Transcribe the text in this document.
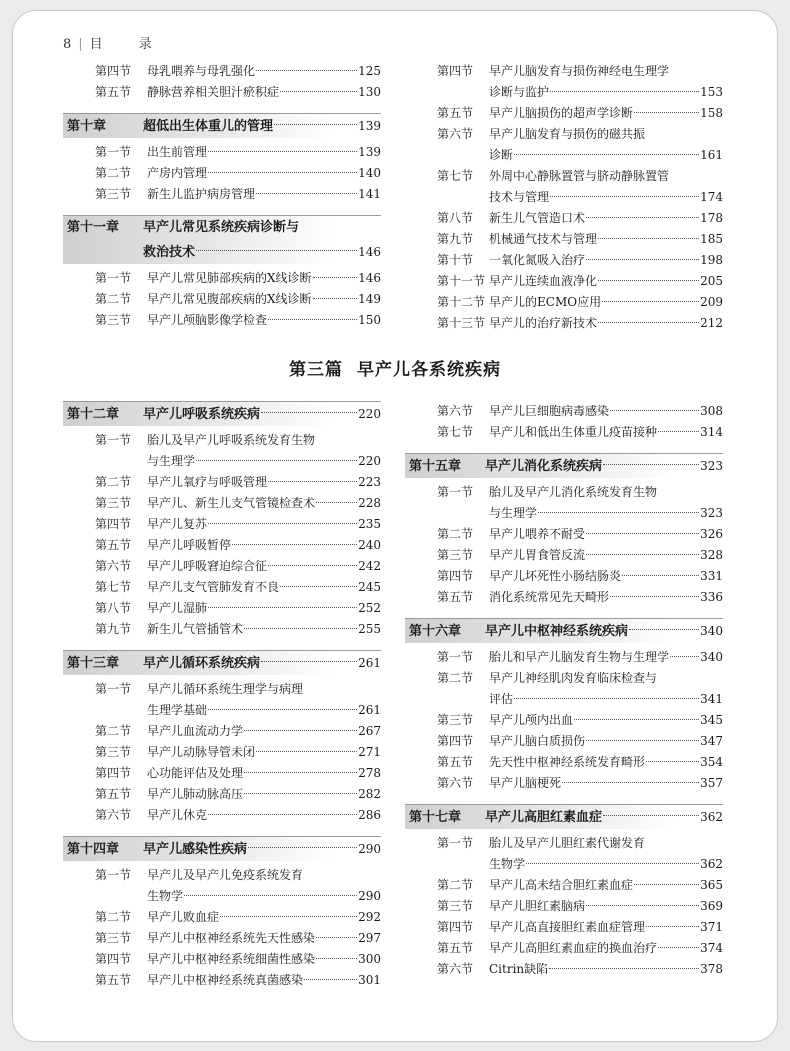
8 | 目 录
第四节	母乳喂养与母乳强化	125
第五节	静脉营养相关胆汁瘀积症	130
第十章	超低出生体重儿的管理	139
第一节	出生前管理	139
第二节	产房内管理	140
第三节	新生儿监护病房管理	141
第十一章	早产儿常见系统疾病诊断与
救治技术	146
第一节	早产儿常见肺部疾病的X线诊断	146
第二节	早产儿常见腹部疾病的X线诊断	149
第三节	早产儿颅脑影像学检查	150
第四节	早产儿脑发育与损伤神经电生理学
诊断与监护	153
第五节	早产儿脑损伤的超声学诊断	158
第六节	早产儿脑发育与损伤的磁共振
诊断	161
第七节	外周中心静脉置管与脐动静脉置管
技术与管理	174
第八节	新生儿气管造口术	178
第九节	机械通气技术与管理	185
第十节	一氧化氮吸入治疗	198
第十一节 早产儿连续血液净化	205
第十二节 早产儿的ECMO应用	209
第十三节 早产儿的治疗新技术	212
第三篇 早产儿各系统疾病
第十二章	早产儿呼吸系统疾病	220
第一节	胎儿及早产儿呼吸系统发育生物
与生理学	220
第二节	早产儿氧疗与呼吸管理	223
第三节	早产儿、新生儿支气管镜检查术	228
第四节	早产儿复苏	235
第五节	早产儿呼吸暂停	240
第六节	早产儿呼吸窘迫综合征	242
第七节	早产儿支气管肺发育不良	245
第八节	早产儿湿肺	252
第九节	新生儿气管插管术	255
第十三章	早产儿循环系统疾病	261
第一节	早产儿循环系统生理学与病理
生理学基础	261
第二节	早产儿血流动力学	267
第三节	早产儿动脉导管未闭	271
第四节	心功能评估及处理	278
第五节	早产儿肺动脉高压	282
第六节	早产儿休克	286
第十四章	早产儿感染性疾病	290
第一节	早产儿及早产儿免疫系统发育
生物学	290
第二节	早产儿败血症	292
第三节	早产儿中枢神经系统先天性感染	297
第四节	早产儿中枢神经系统细菌性感染	300
第五节	早产儿中枢神经系统真菌感染	301
第六节	早产儿巨细胞病毒感染	308
第七节	早产儿和低出生体重儿疫苗接种	314
第十五章	早产儿消化系统疾病	323
第一节	胎儿及早产儿消化系统发育生物
与生理学	323
第二节	早产儿喂养不耐受	326
第三节	早产儿胃食管反流	328
第四节	早产儿坏死性小肠结肠炎	331
第五节	消化系统常见先天畸形	336
第十六章	早产儿中枢神经系统疾病	340
第一节	胎儿和早产儿脑发育生物与生理学	340
第二节	早产儿神经肌肉发育临床检查与
评估	341
第三节	早产儿颅内出血	345
第四节	早产儿脑白质损伤	347
第五节	先天性中枢神经系统发育畸形	354
第六节	早产儿脑梗死	357
第十七章	早产儿高胆红素血症	362
第一节	胎儿及早产儿胆红素代谢发育
生物学	362
第二节	早产儿高未结合胆红素血症	365
第三节	早产儿胆红素脑病	369
第四节	早产儿高直接胆红素血症管理	371
第五节	早产儿高胆红素血症的换血治疗	374
第六节	Citrin缺陷	378
